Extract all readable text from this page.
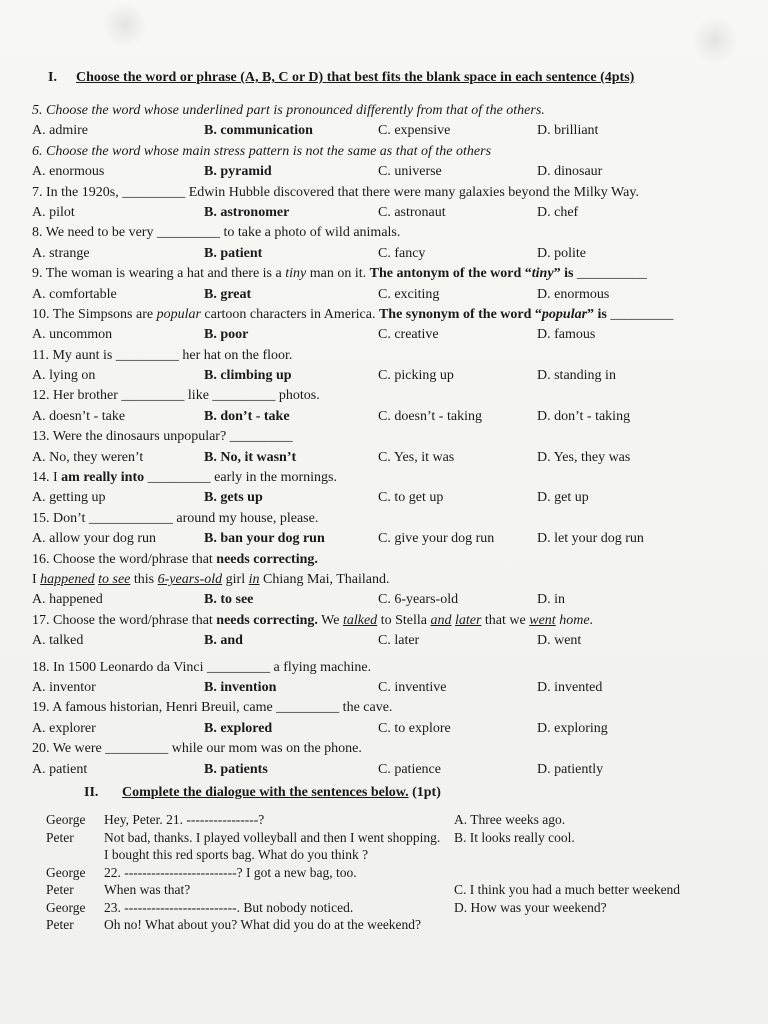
I. Choose the word or phrase (A, B, C or D) that best fits the blank space in each sentence (4pts)
5. Choose the word whose underlined part is pronounced differently from that of the others.
A. admire	B. communication	C. expensive	D. brilliant
6. Choose the word whose main stress pattern is not the same as that of the others
A. enormous	B. pyramid	C. universe	D. dinosaur
7. In the 1920s, _________ Edwin Hubble discovered that there were many galaxies beyond the Milky Way.
A. pilot	B. astronomer	C. astronaut	D. chef
8. We need to be very _________ to take a photo of wild animals.
A. strange	B. patient	C. fancy	D. polite
9. The woman is wearing a hat and there is a tiny man on it. The antonym of the word “tiny” is __________
A. comfortable	B. great	C. exciting	D. enormous
10. The Simpsons are popular cartoon characters in America. The synonym of the word “popular” is _________
A. uncommon	B. poor	C. creative	D. famous
11. My aunt is _________ her hat on the floor.
A. lying on	B. climbing up	C. picking up	D. standing in
12. Her brother _________ like _________ photos.
A. doesn’t - take	B. don’t - take	C. doesn’t - taking	D. don’t - taking
13. Were the dinosaurs unpopular? _________
A. No, they weren’t	B. No, it wasn’t	C. Yes, it was	D. Yes, they was
14. I am really into _________ early in the mornings.
A. getting up	B. gets up	C. to get up	D. get up
15. Don’t ____________ around my house, please.
A. allow your dog run	B. ban your dog run	C. give your dog run	D. let your dog run
16. Choose the word/phrase that needs correcting.
I happened to see this 6-years-old girl in Chiang Mai, Thailand.
A. happened	B. to see	C. 6-years-old	D. in
17. Choose the word/phrase that needs correcting. We talked to Stella and later that we went home.
A. talked	B. and	C. later	D. went
18. In 1500 Leonardo da Vinci _________ a flying machine.
A. inventor	B. invention	C. inventive	D. invented
19. A famous historian, Henri Breuil, came _________ the cave.
A. explorer	B. explored	C. to explore	D. exploring
20. We were _________ while our mom was on the phone.
A. patient	B. patients	C. patience	D. patiently
II. Complete the dialogue with the sentences below. (1pt)
George	Hey, Peter. 21. ----------------?
Peter	Not bad, thanks. I played volleyball and then I went shopping. I bought this red sports bag. What do you think ?
George	22. -------------------------? I got a new bag, too.
Peter	When was that?
George	23. -------------------------. But nobody noticed.
Peter	Oh no! What about you? What did you do at the weekend?
A. Three weeks ago.
B. It looks really cool.
C. I think you had a much better weekend
D. How was your weekend?
